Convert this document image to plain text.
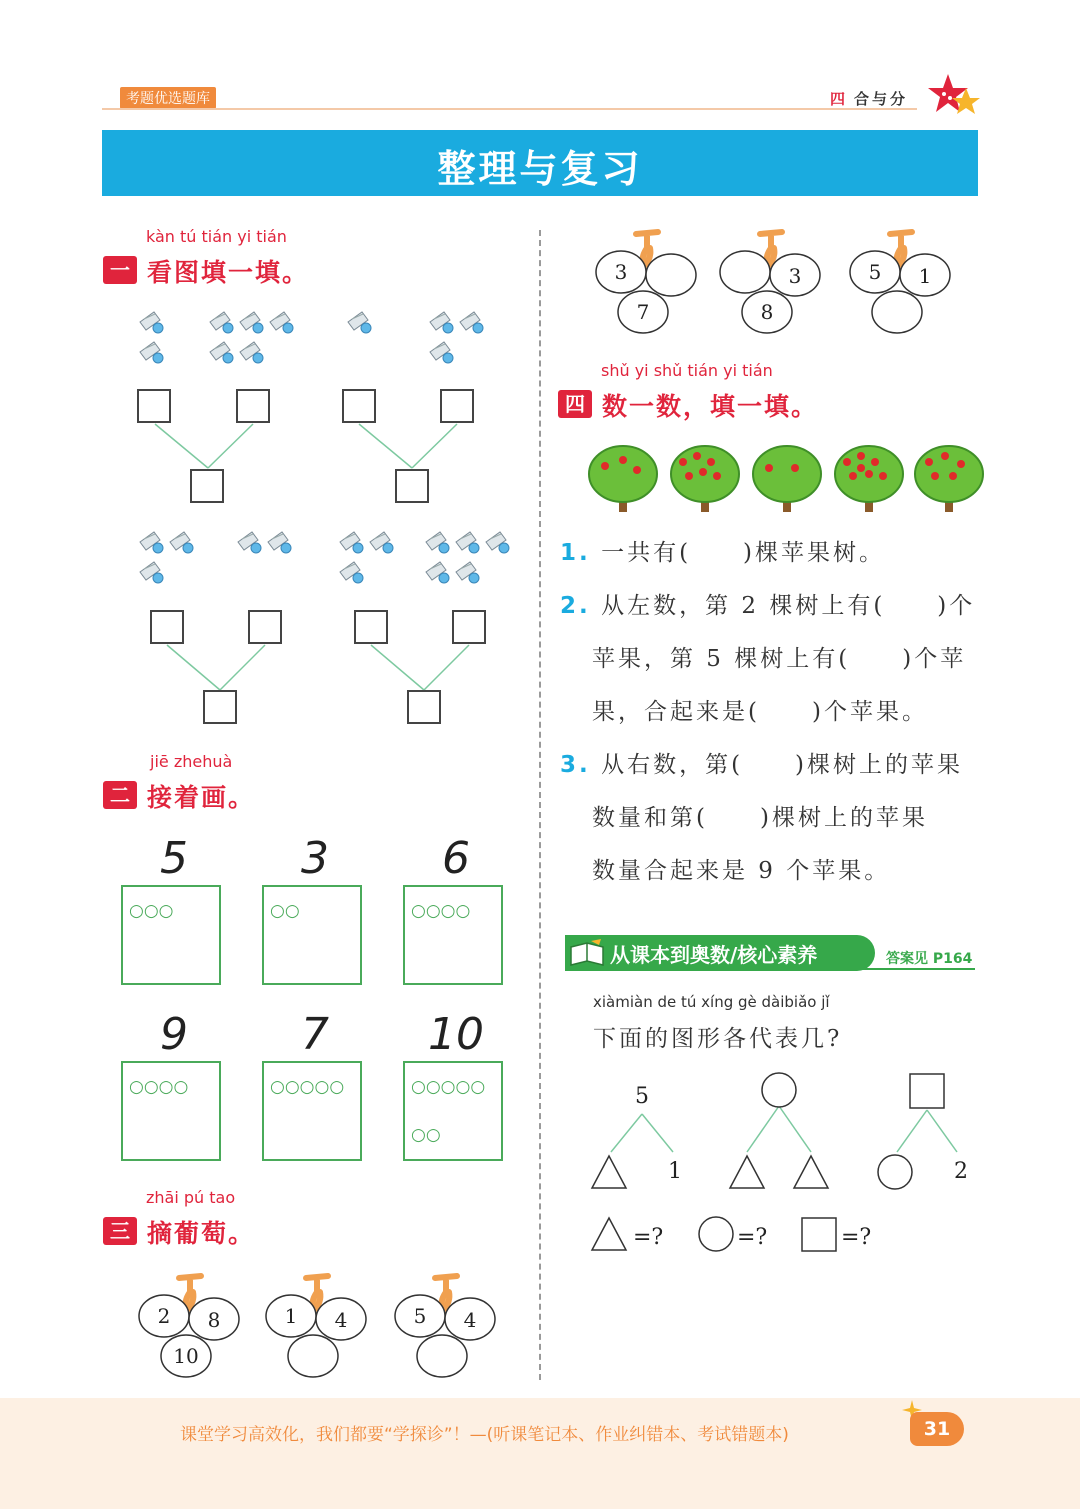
考题优选题库	四 合与分
整理与复习
kàn tú tián yi tián
一 看图填一填。
jiē zhehuà
二 接着画。
5
○○○
3
○○
6
○○○○
9
○○○○
7
○○○○○
10
○○○○○
○○
zhāi pú tao
三 摘葡萄。
2 8
10
1 4	5 4
3
7
3
8
5 1
shǔ yi shǔ tián yi tián
四 数一数，填一填。
1. 一共有(　　)棵苹果树。
2. 从左数，第 2 棵树上有(　　)个
苹果，第 5 棵树上有(　　)个苹
果，合起来是(　　)个苹果。
3. 从右数，第(　　)棵树上的苹果
数量和第(　　)棵树上的苹果
数量合起来是 9 个苹果。
从课本到奥数/核心素养	答案见 P164
xiàmiàn de tú xíng gè dàibiǎo jǐ
下面的图形各代表几?
5
1	2
=?	=?	=?
课堂学习高效化，我们都要“学探诊”！—(听课笔记本、作业纠错本、考试错题本)	31
